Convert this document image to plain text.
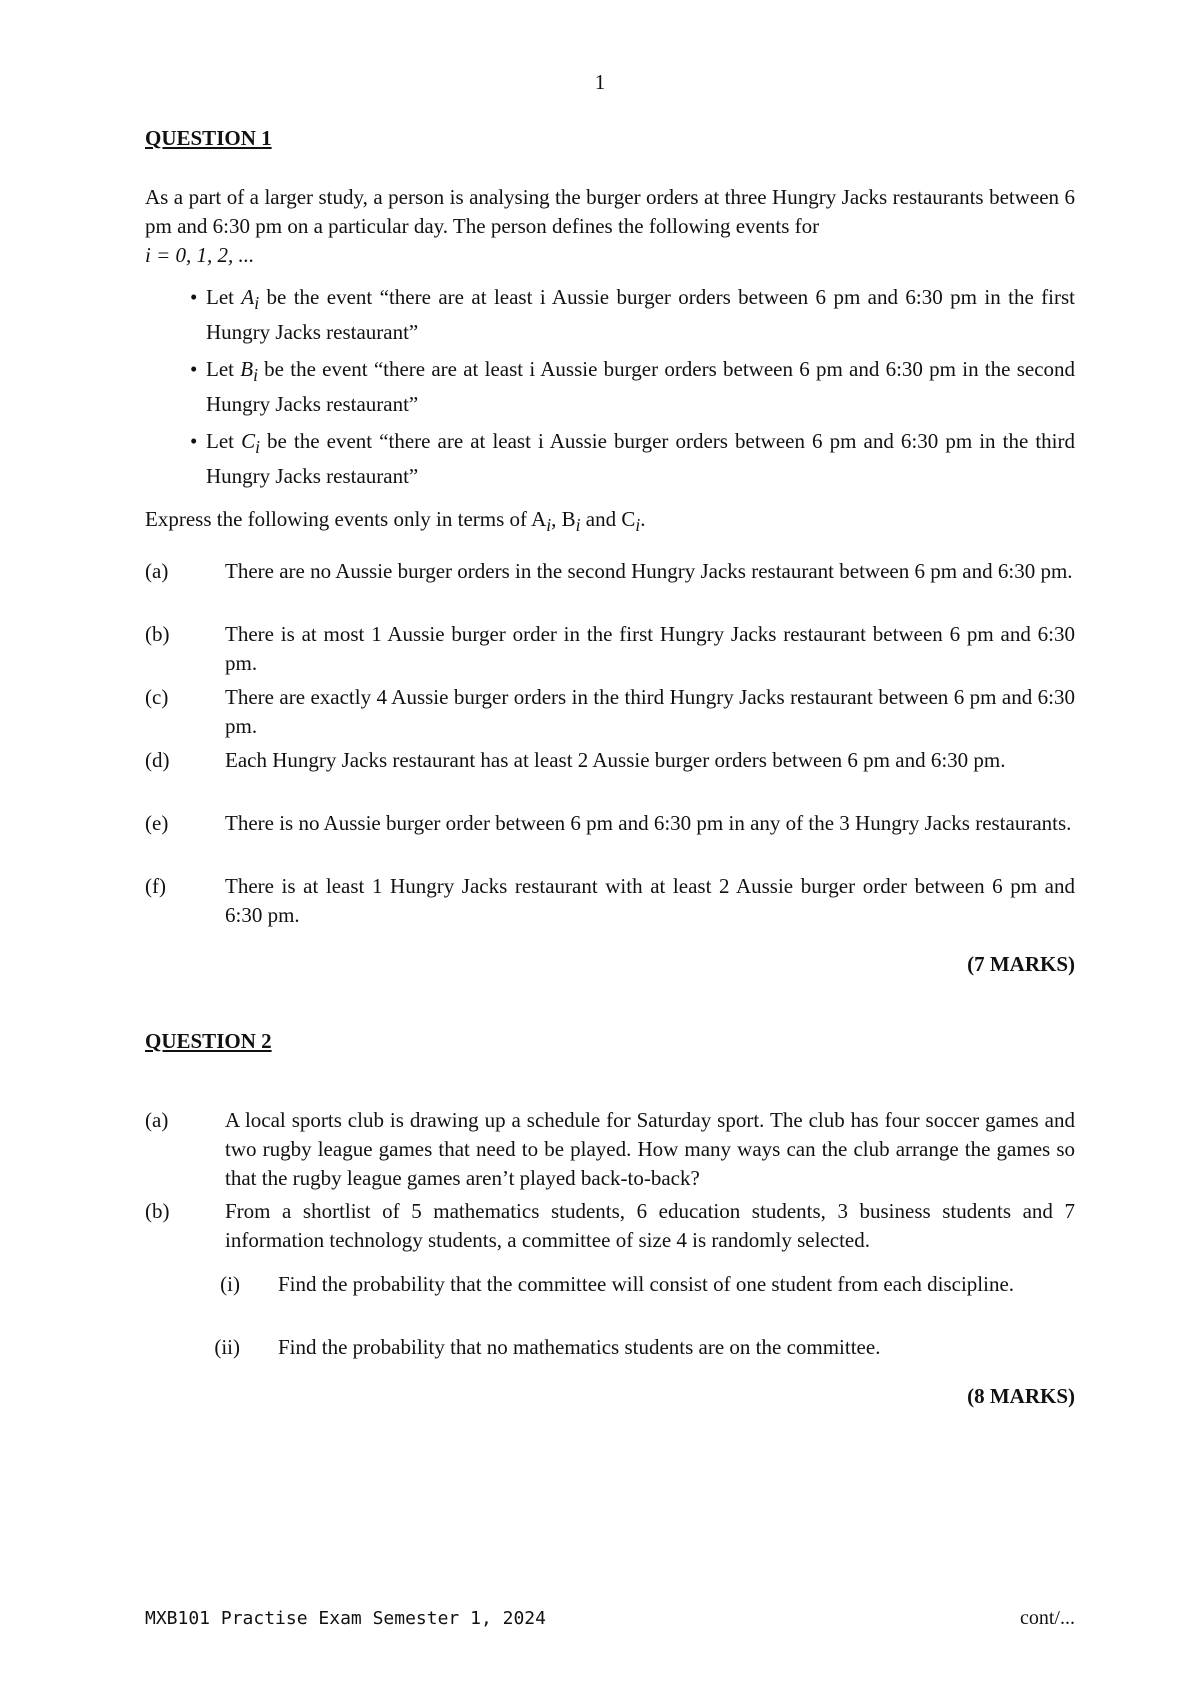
1
QUESTION 1
As a part of a larger study, a person is analysing the burger orders at three Hungry Jacks restaurants between 6 pm and 6:30 pm on a particular day. The person defines the following events for
i = 0, 1, 2, ...
• Let $A_i$ be the event “there are at least i Aussie burger orders between 6 pm and 6:30 pm in the first Hungry Jacks restaurant”
• Let $B_i$ be the event “there are at least i Aussie burger orders between 6 pm and 6:30 pm in the second Hungry Jacks restaurant”
• Let $C_i$ be the event “there are at least i Aussie burger orders between 6 pm and 6:30 pm in the third Hungry Jacks restaurant”
Express the following events only in terms of $A_i$, $B_i$ and $C_i$.
(a)	There are no Aussie burger orders in the second Hungry Jacks restaurant between 6 pm and 6:30 pm.
(b)	There is at most 1 Aussie burger order in the first Hungry Jacks restaurant between 6 pm and 6:30 pm.
(c)	There are exactly 4 Aussie burger orders in the third Hungry Jacks restaurant between 6 pm and 6:30 pm.
(d)	Each Hungry Jacks restaurant has at least 2 Aussie burger orders between 6 pm and 6:30 pm.
(e)	There is no Aussie burger order between 6 pm and 6:30 pm in any of the 3 Hungry Jacks restaurants.
(f)	There is at least 1 Hungry Jacks restaurant with at least 2 Aussie burger order between 6 pm and 6:30 pm.
(7 MARKS)
QUESTION 2
(a)	A local sports club is drawing up a schedule for Saturday sport. The club has four soccer games and two rugby league games that need to be played. How many ways can the club arrange the games so that the rugby league games aren’t played back-to-back?
(b)	From a shortlist of 5 mathematics students, 6 education students, 3 business students and 7 information technology students, a committee of size 4 is randomly selected.
(i) Find the probability that the committee will consist of one student from each discipline.
(ii) Find the probability that no mathematics students are on the committee.
(8 MARKS)
MXB101 Practise Exam Semester 1, 2024	cont/...
